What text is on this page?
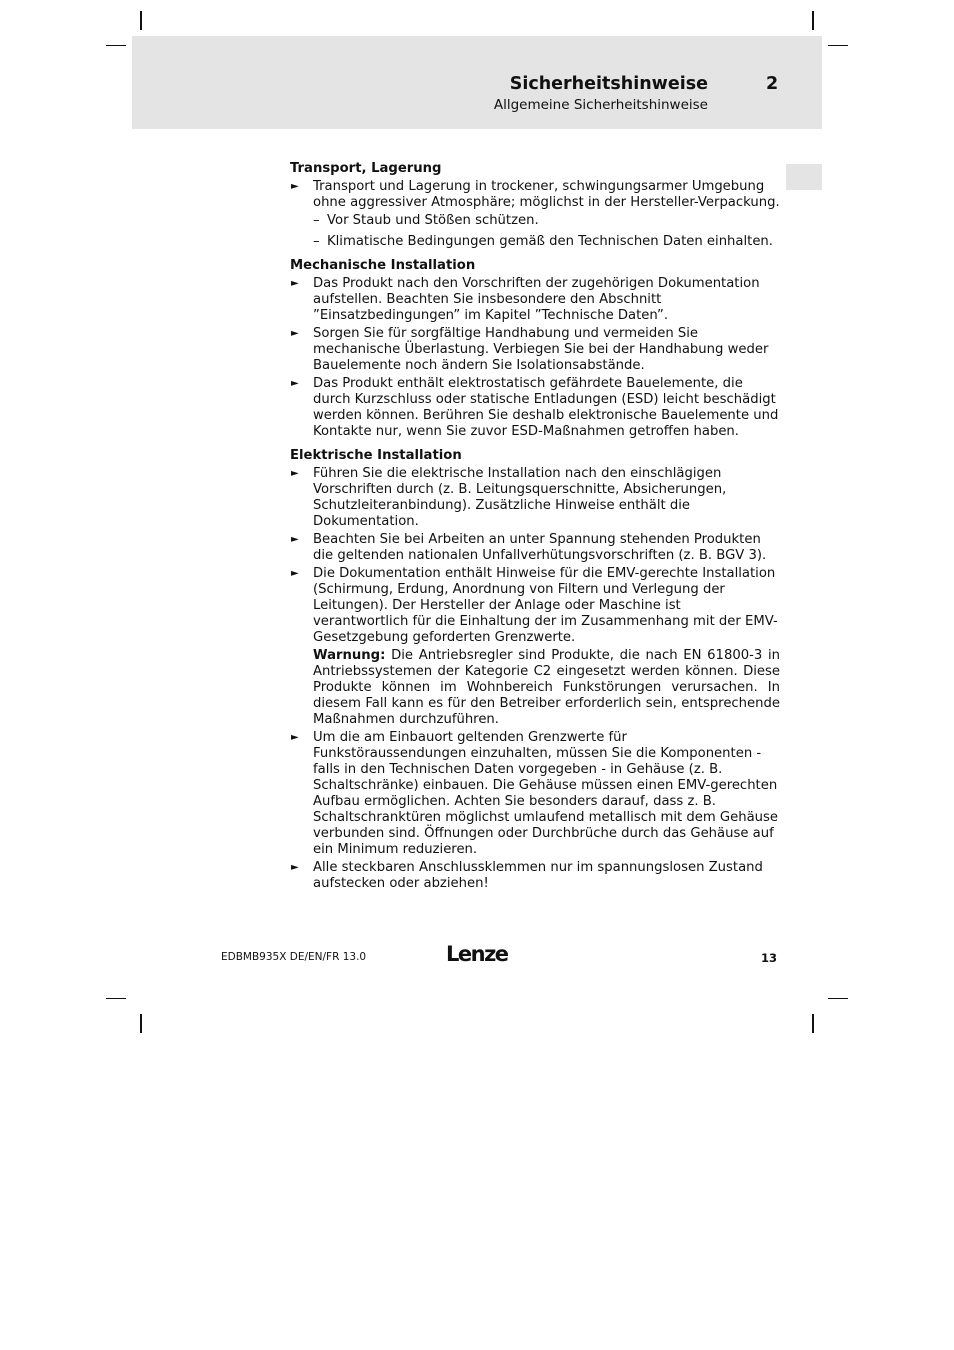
Sicherheitshinweise	2
Allgemeine Sicherheitshinweise
Transport, Lagerung
► Transport und Lagerung in trockener, schwingungsarmer Umgebung ohne aggressiver Atmosphäre; möglichst in der Hersteller-Verpackung.
– Vor Staub und Stößen schützen.
– Klimatische Bedingungen gemäß den Technischen Daten einhalten.
Mechanische Installation
► Das Produkt nach den Vorschriften der zugehörigen Dokumentation aufstellen. Beachten Sie insbesondere den Abschnitt ”Einsatzbedingungen” im Kapitel ”Technische Daten”.
► Sorgen Sie für sorgfältige Handhabung und vermeiden Sie mechanische Überlastung. Verbiegen Sie bei der Handhabung weder Bauelemente noch ändern Sie Isolationsabstände.
► Das Produkt enthält elektrostatisch gefährdete Bauelemente, die durch Kurzschluss oder statische Entladungen (ESD) leicht beschädigt werden können. Berühren Sie deshalb elektronische Bauelemente und Kontakte nur, wenn Sie zuvor ESD-Maßnahmen getroffen haben.
Elektrische Installation
► Führen Sie die elektrische Installation nach den einschlägigen Vorschriften durch (z. B. Leitungsquerschnitte, Absicherungen, Schutzleiteranbindung). Zusätzliche Hinweise enthält die Dokumentation.
► Beachten Sie bei Arbeiten an unter Spannung stehenden Produkten die geltenden nationalen Unfallverhütungsvorschriften (z. B. BGV 3).
► Die Dokumentation enthält Hinweise für die EMV-gerechte Installation (Schirmung, Erdung, Anordnung von Filtern und Verlegung der Leitungen). Der Hersteller der Anlage oder Maschine ist verantwortlich für die Einhaltung der im Zusammenhang mit der EMV-Gesetzgebung geforderten Grenzwerte.

Warnung: Die Antriebsregler sind Produkte, die nach EN 61800-3 in Antriebssystemen der Kategorie C2 eingesetzt werden können. Diese Produkte können im Wohnbereich Funkstörungen verursachen. In diesem Fall kann es für den Betreiber erforderlich sein, entsprechende Maßnahmen durchzuführen.

► Um die am Einbauort geltenden Grenzwerte für Funkstöraussendungen einzuhalten, müssen Sie die Komponenten - falls in den Technischen Daten vorgegeben - in Gehäuse (z. B. Schaltschränke) einbauen. Die Gehäuse müssen einen EMV-gerechten Aufbau ermöglichen. Achten Sie besonders darauf, dass z. B. Schaltschranktüren möglichst umlaufend metallisch mit dem Gehäuse verbunden sind. Öffnungen oder Durchbrüche durch das Gehäuse auf ein Minimum reduzieren.
► Alle steckbaren Anschlussklemmen nur im spannungslosen Zustand aufstecken oder abziehen!
EDBMB935X DE/EN/FR 13.0	Lenze	13
